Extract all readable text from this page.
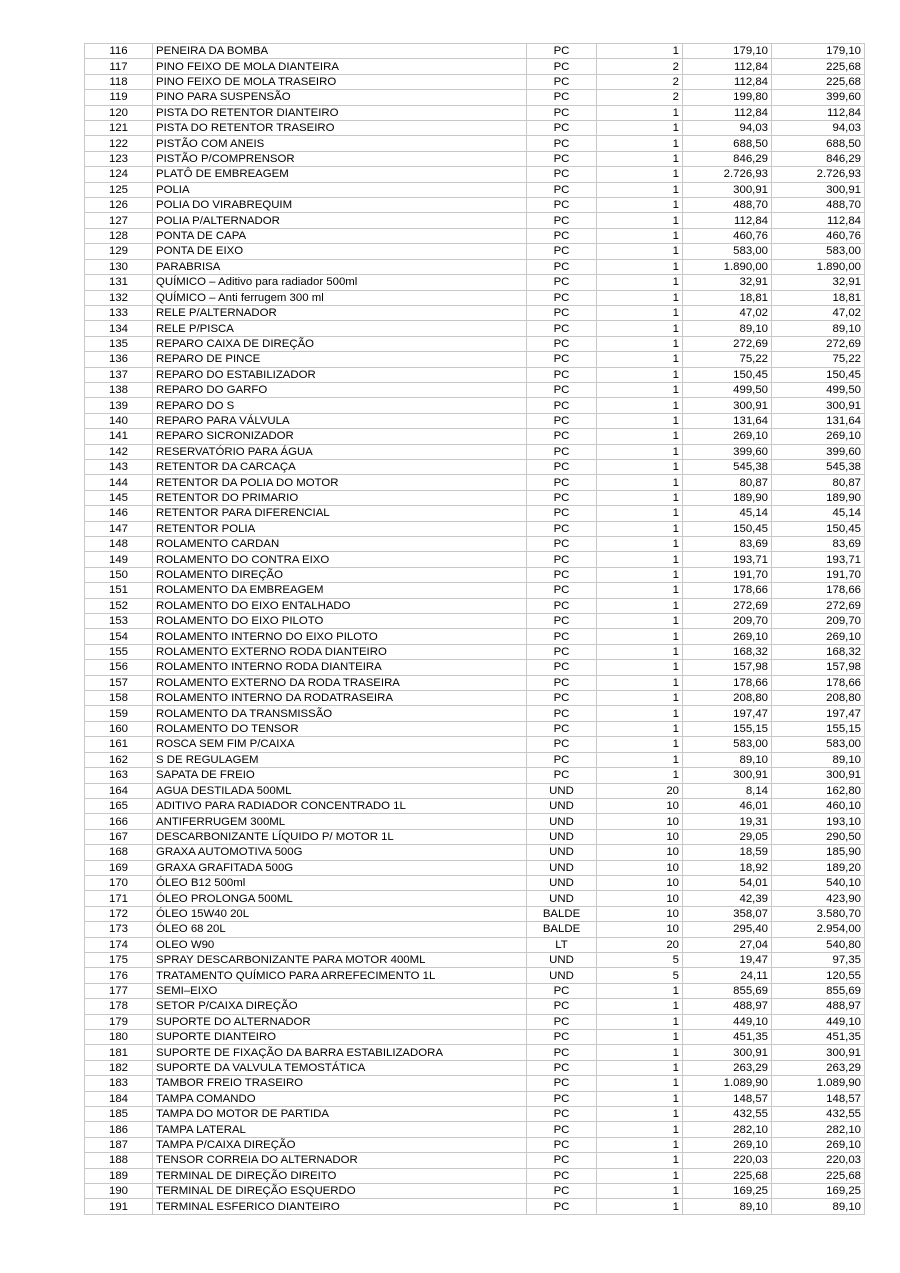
116	PENEIRA DA BOMBA	PC	1	179,10	179,10
117	PINO FEIXO DE MOLA DIANTEIRA	PC	2	112,84	225,68
118	PINO FEIXO DE MOLA TRASEIRO	PC	2	112,84	225,68
119	PINO PARA SUSPENSÃO	PC	2	199,80	399,60
120	PISTA DO RETENTOR DIANTEIRO	PC	1	112,84	112,84
121	PISTA DO RETENTOR TRASEIRO	PC	1	94,03	94,03
122	PISTÃO COM ANEIS	PC	1	688,50	688,50
123	PISTÃO P/COMPRENSOR	PC	1	846,29	846,29
124	PLATÔ DE EMBREAGEM	PC	1	2.726,93	2.726,93
125	POLIA	PC	1	300,91	300,91
126	POLIA DO VIRABREQUIM	PC	1	488,70	488,70
127	POLIA P/ALTERNADOR	PC	1	112,84	112,84
128	PONTA DE CAPA	PC	1	460,76	460,76
129	PONTA DE EIXO	PC	1	583,00	583,00
130	PARABRISA	PC	1	1.890,00	1.890,00
131	QUÍMICO – Aditivo para radiador 500ml	PC	1	32,91	32,91
132	QUÍMICO – Anti ferrugem 300 ml	PC	1	18,81	18,81
133	RELE P/ALTERNADOR	PC	1	47,02	47,02
134	RELE P/PISCA	PC	1	89,10	89,10
135	REPARO CAIXA DE DIREÇÃO	PC	1	272,69	272,69
136	REPARO DE PINCE	PC	1	75,22	75,22
137	REPARO DO ESTABILIZADOR	PC	1	150,45	150,45
138	REPARO DO GARFO	PC	1	499,50	499,50
139	REPARO DO S	PC	1	300,91	300,91
140	REPARO PARA VÁLVULA	PC	1	131,64	131,64
141	REPARO SICRONIZADOR	PC	1	269,10	269,10
142	RESERVATÓRIO PARA ÁGUA	PC	1	399,60	399,60
143	RETENTOR DA CARCAÇA	PC	1	545,38	545,38
144	RETENTOR DA POLIA DO MOTOR	PC	1	80,87	80,87
145	RETENTOR DO PRIMARIO	PC	1	189,90	189,90
146	RETENTOR PARA DIFERENCIAL	PC	1	45,14	45,14
147	RETENTOR POLIA	PC	1	150,45	150,45
148	ROLAMENTO CARDAN	PC	1	83,69	83,69
149	ROLAMENTO DO CONTRA EIXO	PC	1	193,71	193,71
150	ROLAMENTO DIREÇÃO	PC	1	191,70	191,70
151	ROLAMENTO DA EMBREAGEM	PC	1	178,66	178,66
152	ROLAMENTO DO EIXO ENTALHADO	PC	1	272,69	272,69
153	ROLAMENTO DO EIXO PILOTO	PC	1	209,70	209,70
154	ROLAMENTO INTERNO DO EIXO PILOTO	PC	1	269,10	269,10
155	ROLAMENTO EXTERNO RODA DIANTEIRO	PC	1	168,32	168,32
156	ROLAMENTO INTERNO RODA DIANTEIRA	PC	1	157,98	157,98
157	ROLAMENTO EXTERNO DA RODA TRASEIRA	PC	1	178,66	178,66
158	ROLAMENTO INTERNO DA RODATRASEIRA	PC	1	208,80	208,80
159	ROLAMENTO DA TRANSMISSÃO	PC	1	197,47	197,47
160	ROLAMENTO DO TENSOR	PC	1	155,15	155,15
161	ROSCA SEM FIM P/CAIXA	PC	1	583,00	583,00
162	S DE REGULAGEM	PC	1	89,10	89,10
163	SAPATA DE FREIO	PC	1	300,91	300,91
164	AGUA DESTILADA 500ML	UND	20	8,14	162,80
165	ADITIVO PARA RADIADOR CONCENTRADO 1L	UND	10	46,01	460,10
166	ANTIFERRUGEM 300ML	UND	10	19,31	193,10
167	DESCARBONIZANTE LÍQUIDO P/ MOTOR 1L	UND	10	29,05	290,50
168	GRAXA AUTOMOTIVA 500G	UND	10	18,59	185,90
169	GRAXA GRAFITADA 500G	UND	10	18,92	189,20
170	ÓLEO B12 500ml	UND	10	54,01	540,10
171	ÓLEO PROLONGA 500ML	UND	10	42,39	423,90
172	ÓLEO 15W40 20L	BALDE	10	358,07	3.580,70
173	ÓLEO 68 20L	BALDE	10	295,40	2.954,00
174	OLEO W90	LT	20	27,04	540,80
175	SPRAY DESCARBONIZANTE PARA MOTOR 400ML	UND	5	19,47	97,35
176	TRATAMENTO QUÍMICO PARA ARREFECIMENTO 1L	UND	5	24,11	120,55
177	SEMI–EIXO	PC	1	855,69	855,69
178	SETOR P/CAIXA DIREÇÃO	PC	1	488,97	488,97
179	SUPORTE DO ALTERNADOR	PC	1	449,10	449,10
180	SUPORTE DIANTEIRO	PC	1	451,35	451,35
181	SUPORTE DE FIXAÇÃO DA BARRA ESTABILIZADORA	PC	1	300,91	300,91
182	SUPORTE DA VALVULA TEMOSTÁTICA	PC	1	263,29	263,29
183	TAMBOR FREIO TRASEIRO	PC	1	1.089,90	1.089,90
184	TAMPA COMANDO	PC	1	148,57	148,57
185	TAMPA DO MOTOR DE PARTIDA	PC	1	432,55	432,55
186	TAMPA LATERAL	PC	1	282,10	282,10
187	TAMPA P/CAIXA DIREÇÃO	PC	1	269,10	269,10
188	TENSOR CORREIA DO ALTERNADOR	PC	1	220,03	220,03
189	TERMINAL DE DIREÇÃO DIREITO	PC	1	225,68	225,68
190	TERMINAL DE DIREÇÃO ESQUERDO	PC	1	169,25	169,25
191	TERMINAL ESFERICO DIANTEIRO	PC	1	89,10	89,10
